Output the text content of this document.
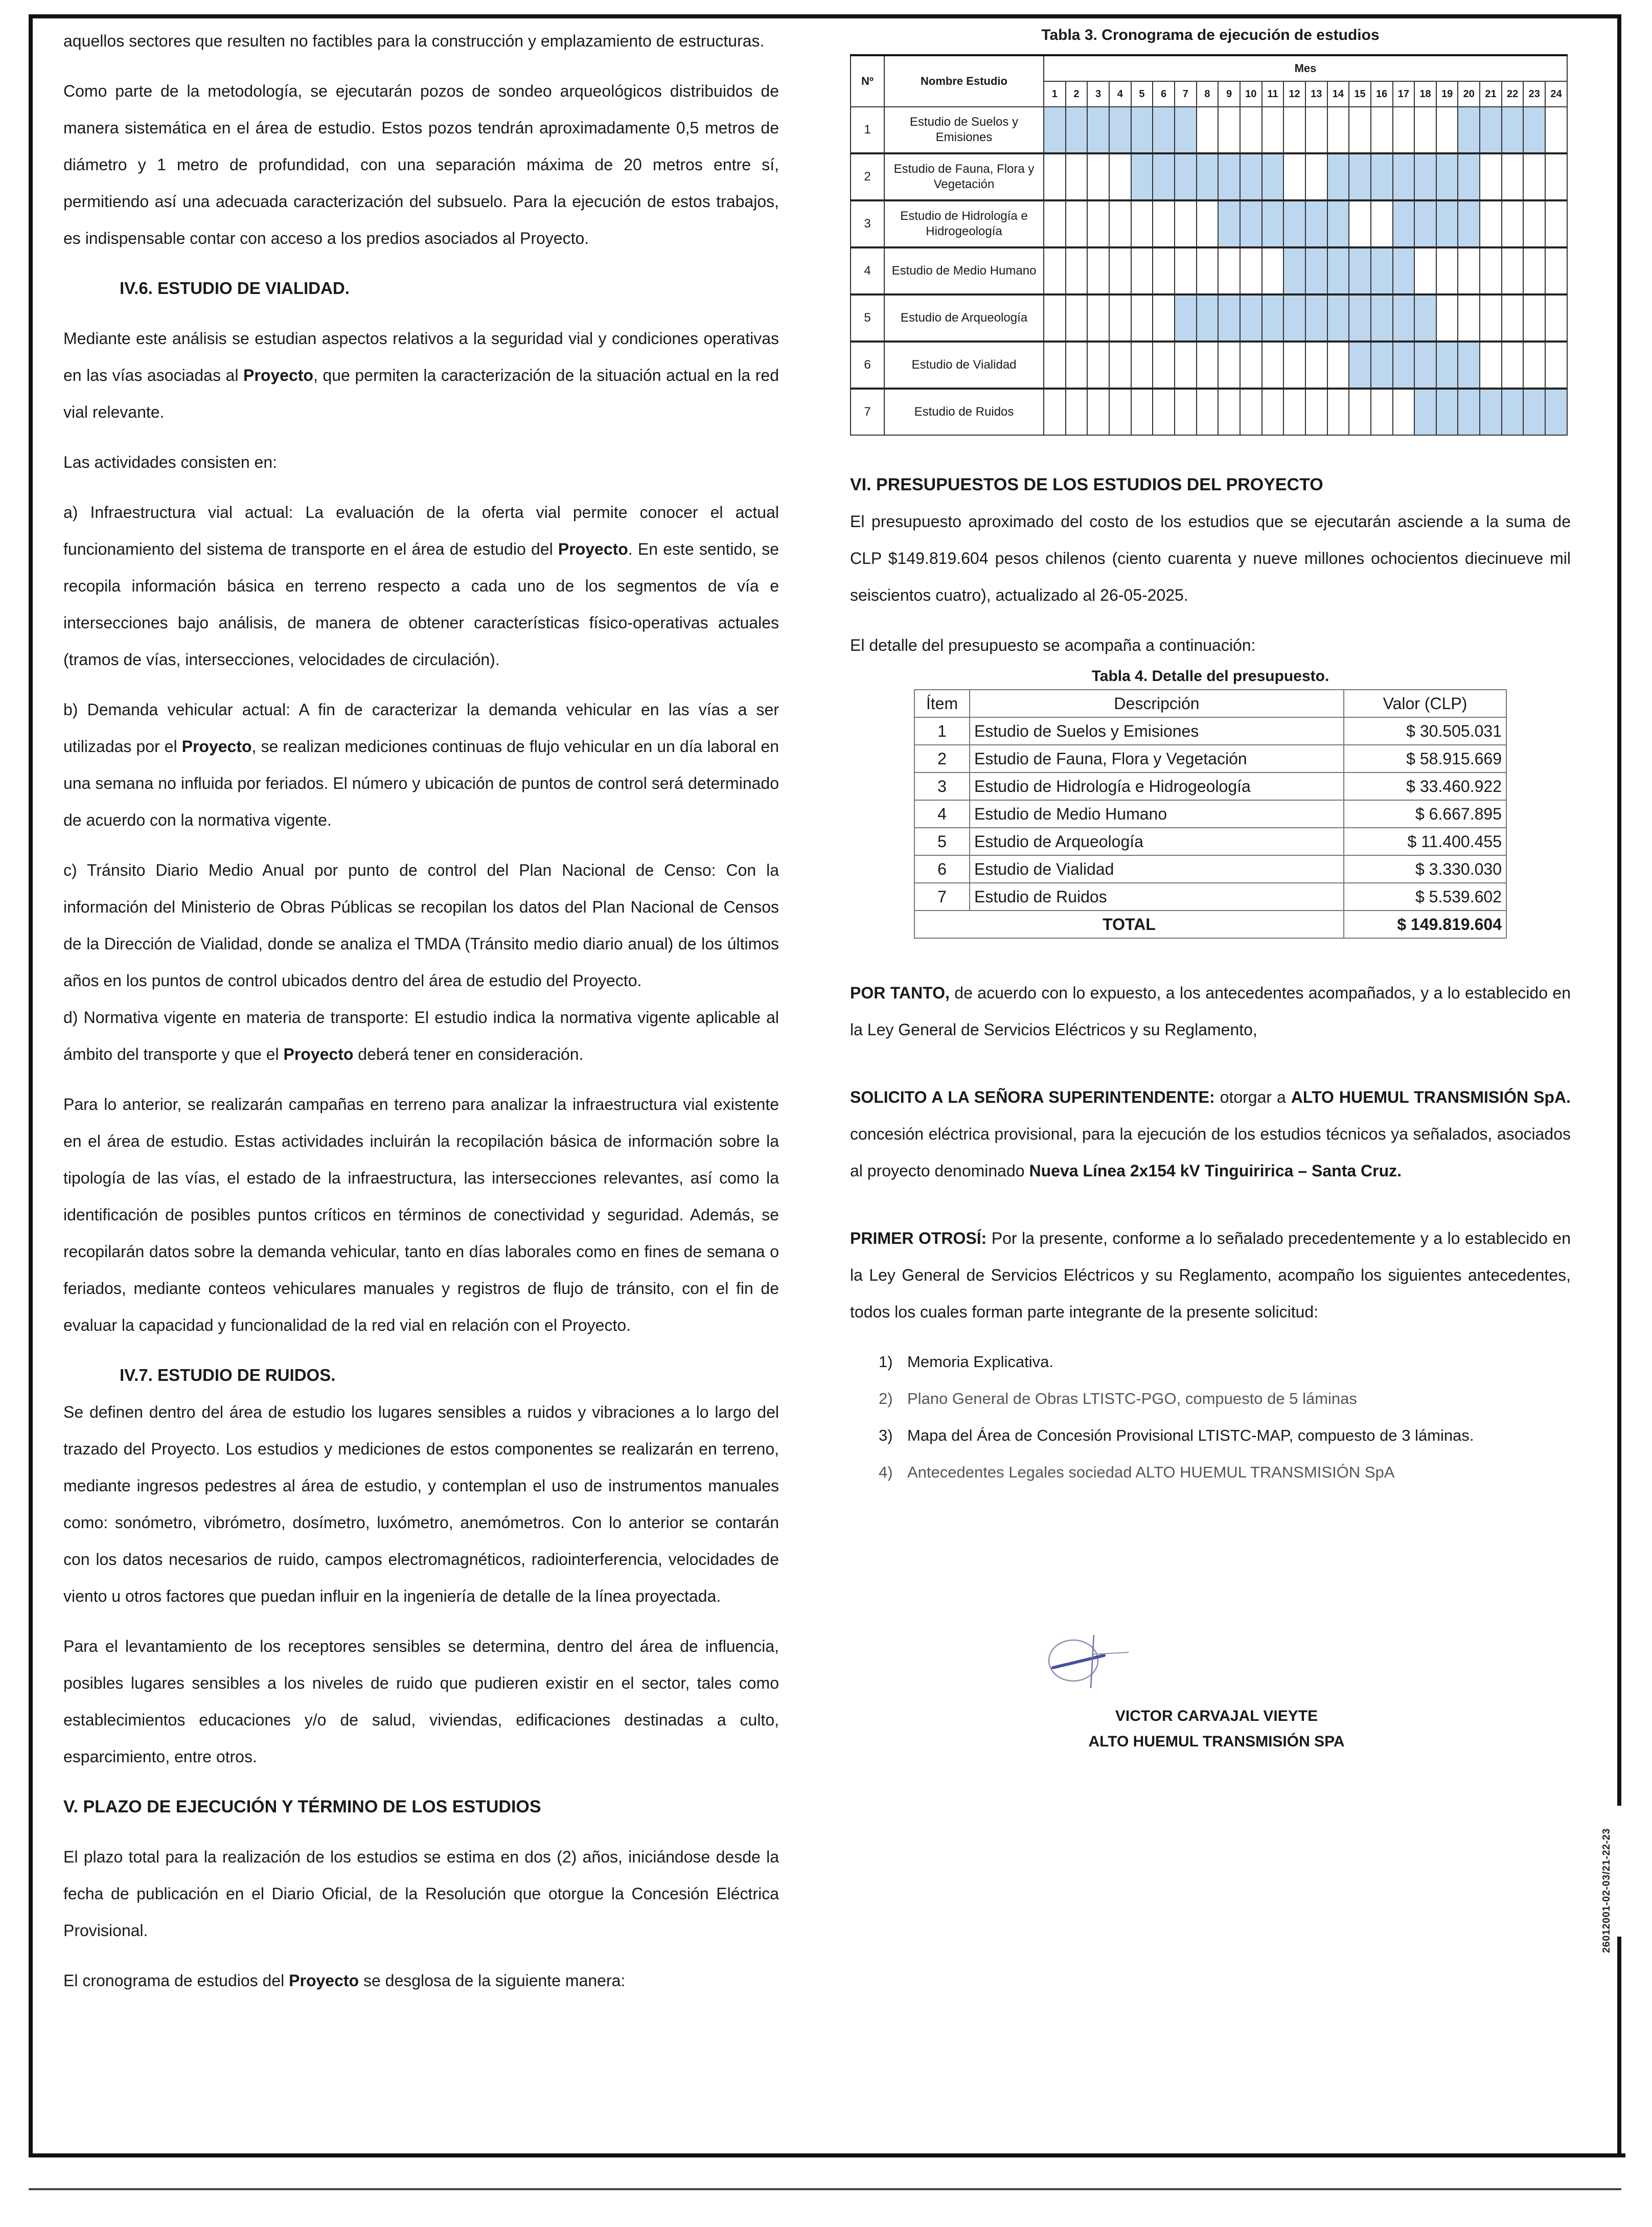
26012001-02-03/21-22-23

aquellos sectores que resulten no factibles para la construcción y emplazamiento de estructuras.

Como parte de la metodología, se ejecutarán pozos de sondeo arqueológicos distribuidos de manera sistemática en el área de estudio. Estos pozos tendrán aproximadamente 0,5 metros de diámetro y 1 metro de profundidad, con una separación máxima de 20 metros entre sí, permitiendo así una adecuada caracterización del subsuelo. Para la ejecución de estos trabajos, es indispensable contar con acceso a los predios asociados al Proyecto.

IV.6. ESTUDIO DE VIALIDAD.

Mediante este análisis se estudian aspectos relativos a la seguridad vial y condiciones operativas en las vías asociadas al Proyecto, que permiten la caracterización de la situación actual en la red vial relevante.

Las actividades consisten en:

a) Infraestructura vial actual: La evaluación de la oferta vial permite conocer el actual funcionamiento del sistema de transporte en el área de estudio del Proyecto. En este sentido, se recopila información básica en terreno respecto a cada uno de los segmentos de vía e intersecciones bajo análisis, de manera de obtener características físico-operativas actuales (tramos de vías, intersecciones, velocidades de circulación).

b) Demanda vehicular actual: A fin de caracterizar la demanda vehicular en las vías a ser utilizadas por el Proyecto, se realizan mediciones continuas de flujo vehicular en un día laboral en una semana no influida por feriados. El número y ubicación de puntos de control será determinado de acuerdo con la normativa vigente.

c) Tránsito Diario Medio Anual por punto de control del Plan Nacional de Censo: Con la información del Ministerio de Obras Públicas se recopilan los datos del Plan Nacional de Censos de la Dirección de Vialidad, donde se analiza el TMDA (Tránsito medio diario anual) de los últimos años en los puntos de control ubicados dentro del área de estudio del Proyecto.

d) Normativa vigente en materia de transporte: El estudio indica la normativa vigente aplicable al ámbito del transporte y que el Proyecto deberá tener en consideración.

Para lo anterior, se realizarán campañas en terreno para analizar la infraestructura vial existente en el área de estudio. Estas actividades incluirán la recopilación básica de información sobre la tipología de las vías, el estado de la infraestructura, las intersecciones relevantes, así como la identificación de posibles puntos críticos en términos de conectividad y seguridad. Además, se recopilarán datos sobre la demanda vehicular, tanto en días laborales como en fines de semana o feriados, mediante conteos vehiculares manuales y registros de flujo de tránsito, con el fin de evaluar la capacidad y funcionalidad de la red vial en relación con el Proyecto.

IV.7. ESTUDIO DE RUIDOS.

Se definen dentro del área de estudio los lugares sensibles a ruidos y vibraciones a lo largo del trazado del Proyecto. Los estudios y mediciones de estos componentes se realizarán en terreno, mediante ingresos pedestres al área de estudio, y contemplan el uso de instrumentos manuales como: sonómetro, vibrómetro, dosímetro, luxómetro, anemómetros. Con lo anterior se contarán con los datos necesarios de ruido, campos electromagnéticos, radiointerferencia, velocidades de viento u otros factores que puedan influir en la ingeniería de detalle de la línea proyectada.

Para el levantamiento de los receptores sensibles se determina, dentro del área de influencia, posibles lugares sensibles a los niveles de ruido que pudieren existir en el sector, tales como establecimientos educaciones y/o de salud, viviendas, edificaciones destinadas a culto, esparcimiento, entre otros.

V. PLAZO DE EJECUCIÓN Y TÉRMINO DE LOS ESTUDIOS

El plazo total para la realización de los estudios se estima en dos (2) años, iniciándose desde la fecha de publicación en el Diario Oficial, de la Resolución que otorgue la Concesión Eléctrica Provisional.

El cronograma de estudios del Proyecto se desglosa de la siguiente manera:

Tabla 3. Cronograma de ejecución de estudios
Nº	Nombre Estudio	Mes																							
		1	2	3	4	5	6	7	8	9	10	11	12	13	14	15	16	17	18	19	20	21	22	23	24
1	Estudio de Suelos y Emisiones																								
2	Estudio de Fauna, Flora y Vegetación																								
3	Estudio de Hidrología e Hidrogeología																								
4	Estudio de Medio Humano																								
5	Estudio de Arqueología																								
6	Estudio de Vialidad																								
7	Estudio de Ruidos																								
VI. PRESUPUESTOS DE LOS ESTUDIOS DEL PROYECTO

El presupuesto aproximado del costo de los estudios que se ejecutarán asciende a la suma de CLP $149.819.604 pesos chilenos (ciento cuarenta y nueve millones ochocientos diecinueve mil seiscientos cuatro), actualizado al 26-05-2025.

El detalle del presupuesto se acompaña a continuación:

Tabla 4. Detalle del presupuesto.
Ítem	Descripción	Valor (CLP)
1	Estudio de Suelos y Emisiones	$ 30.505.031
2	Estudio de Fauna, Flora y Vegetación	$ 58.915.669
3	Estudio de Hidrología e Hidrogeología	$ 33.460.922
4	Estudio de Medio Humano	$ 6.667.895
5	Estudio de Arqueología	$ 11.400.455
6	Estudio de Vialidad	$ 3.330.030
7	Estudio de Ruidos	$ 5.539.602
TOTAL		$ 149.819.604

POR TANTO, de acuerdo con lo expuesto, a los antecedentes acompañados, y a lo establecido en la Ley General de Servicios Eléctricos y su Reglamento,

SOLICITO A LA SEÑORA SUPERINTENDENTE: otorgar a ALTO HUEMUL TRANSMISIÓN SpA. concesión eléctrica provisional, para la ejecución de los estudios técnicos ya señalados, asociados al proyecto denominado Nueva Línea 2x154 kV Tinguiririca – Santa Cruz.

PRIMER OTROSÍ: Por la presente, conforme a lo señalado precedentemente y a lo establecido en la Ley General de Servicios Eléctricos y su Reglamento, acompaño los siguientes antecedentes, todos los cuales forman parte integrante de la presente solicitud:

1) Memoria Explicativa.
2) Plano General de Obras LTISTC-PGO, compuesto de 5 láminas
3) Mapa del Área de Concesión Provisional LTISTC-MAP, compuesto de 3 láminas.
4) Antecedentes Legales sociedad ALTO HUEMUL TRANSMISIÓN SpA
VICTOR CARVAJAL VIEYTE
ALTO HUEMUL TRANSMISIÓN SPA
